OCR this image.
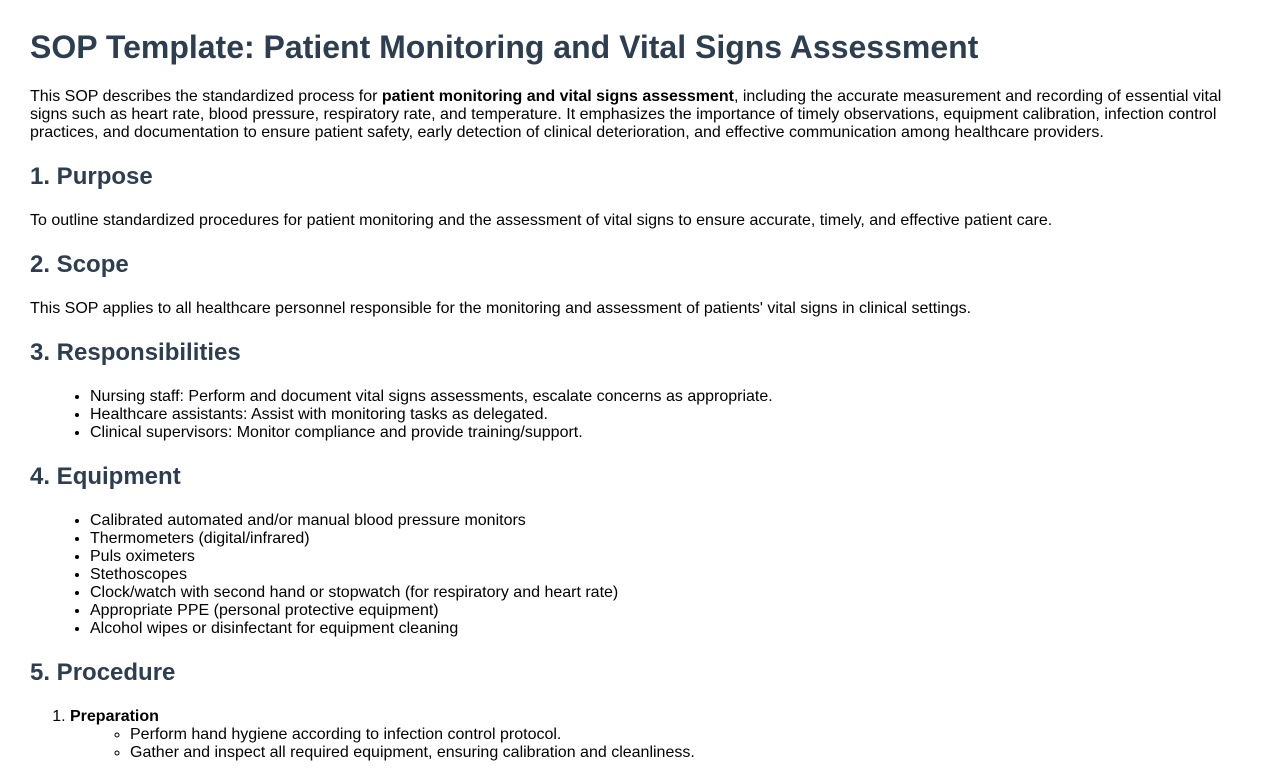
SOP Template: Patient Monitoring and Vital Signs Assessment

This SOP describes the standardized process for patient monitoring and vital signs assessment, including the accurate measurement and recording of essential vital signs such as heart rate, blood pressure, respiratory rate, and temperature. It emphasizes the importance of timely observations, equipment calibration, infection control practices, and documentation to ensure patient safety, early detection of clinical deterioration, and effective communication among healthcare providers.

1. Purpose

To outline standardized procedures for patient monitoring and the assessment of vital signs to ensure accurate, timely, and effective patient care.

2. Scope

This SOP applies to all healthcare personnel responsible for the monitoring and assessment of patients' vital signs in clinical settings.

3. Responsibilities
• Nursing staff: Perform and document vital signs assessments, escalate concerns as appropriate.
• Healthcare assistants: Assist with monitoring tasks as delegated.
• Clinical supervisors: Monitor compliance and provide training/support.
4. Equipment
• Calibrated automated and/or manual blood pressure monitors
• Thermometers (digital/infrared)
• Puls oximeters
• Stethoscopes
• Clock/watch with second hand or stopwatch (for respiratory and heart rate)
• Appropriate PPE (personal protective equipment)
• Alcohol wipes or disinfectant for equipment cleaning
5. Procedure
1. Preparation
◦ Perform hand hygiene according to infection control protocol.
◦ Gather and inspect all required equipment, ensuring calibration and cleanliness.
